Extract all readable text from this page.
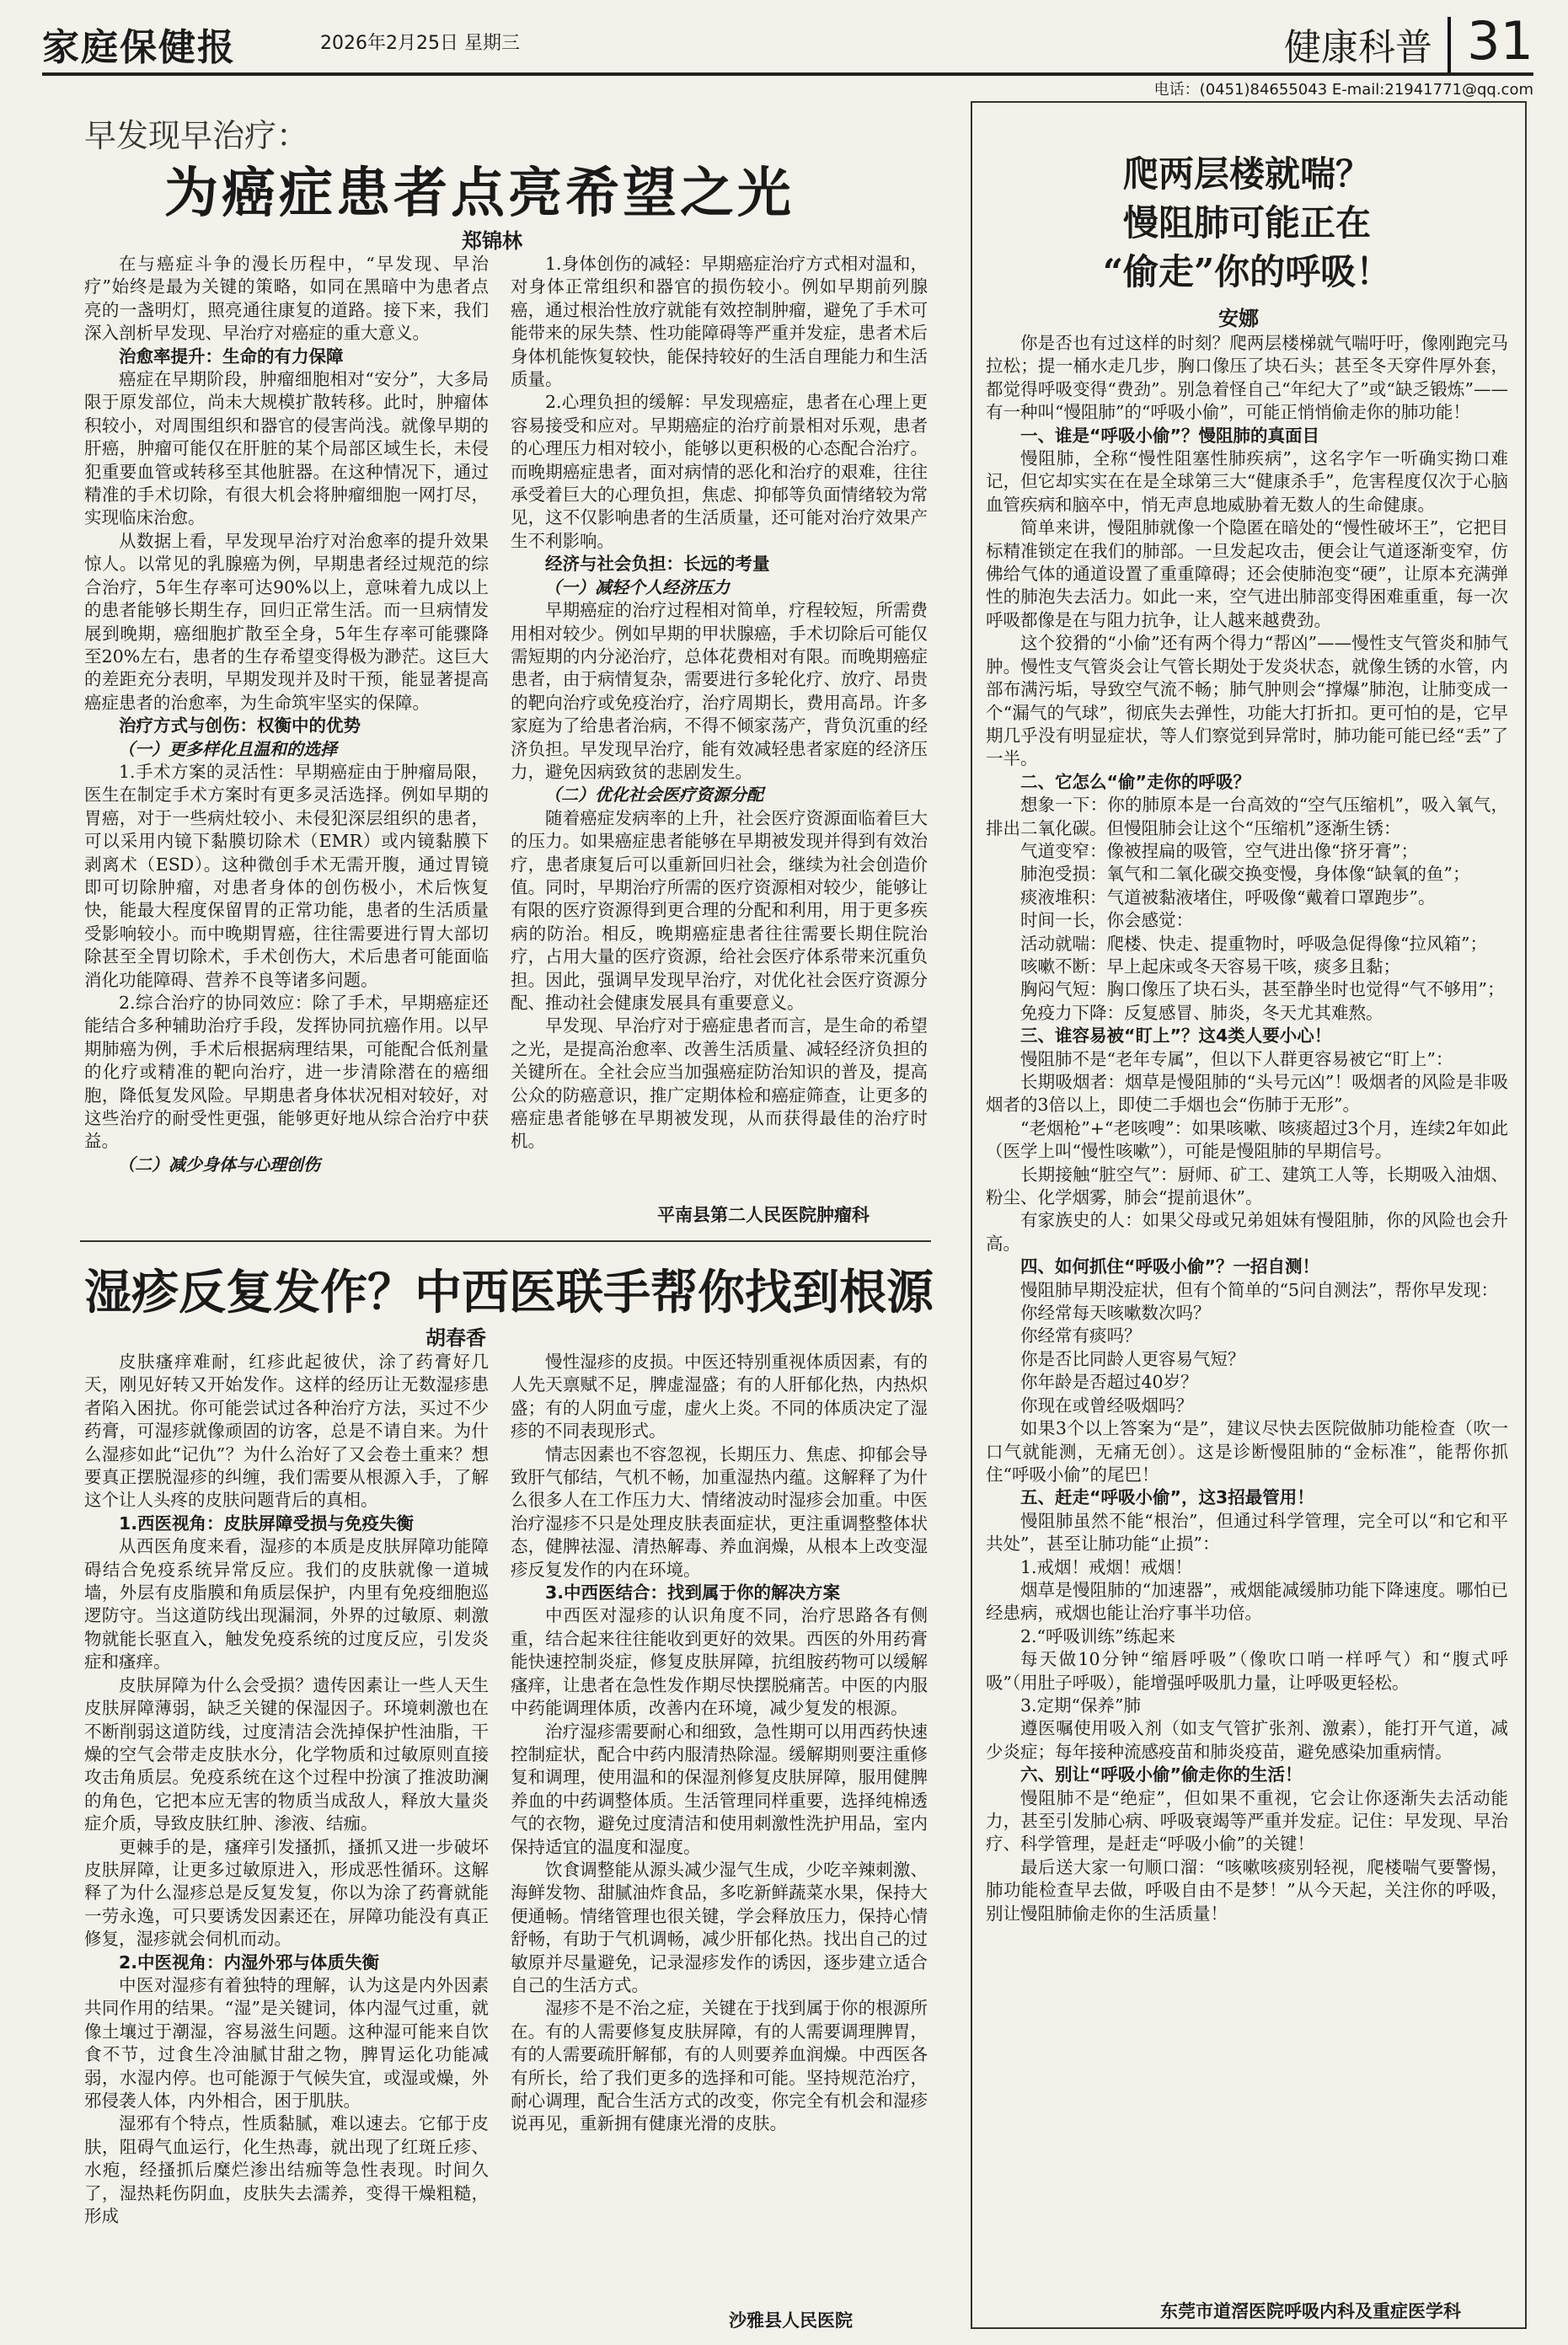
家庭保健报	2026年2月25日 星期三	健康科普 31
电话：(0451)84655043 E-mail:21941771@qq.com
早发现早治疗：
为癌症患者点亮希望之光
郑锦林

在与癌症斗争的漫长历程中，“早发现、早治疗”始终是最为关键的策略，如同在黑暗中为患者点亮的一盏明灯，照亮通往康复的道路。接下来，我们深入剖析早发现、早治疗对癌症的重大意义。

治愈率提升：生命的有力保障

癌症在早期阶段，肿瘤细胞相对“安分”，大多局限于原发部位，尚未大规模扩散转移。此时，肿瘤体积较小，对周围组织和器官的侵害尚浅。就像早期的肝癌，肿瘤可能仅在肝脏的某个局部区域生长，未侵犯重要血管或转移至其他脏器。在这种情况下，通过精准的手术切除，有很大机会将肿瘤细胞一网打尽，实现临床治愈。

从数据上看，早发现早治疗对治愈率的提升效果惊人。以常见的乳腺癌为例，早期患者经过规范的综合治疗，5年生存率可达90%以上，意味着九成以上的患者能够长期生存，回归正常生活。而一旦病情发展到晚期，癌细胞扩散至全身，5年生存率可能骤降至20%左右，患者的生存希望变得极为渺茫。这巨大的差距充分表明，早期发现并及时干预，能显著提高癌症患者的治愈率，为生命筑牢坚实的保障。

治疗方式与创伤：权衡中的优势
（一）更多样化且温和的选择

1.手术方案的灵活性：早期癌症由于肿瘤局限，医生在制定手术方案时有更多灵活选择。例如早期的胃癌，对于一些病灶较小、未侵犯深层组织的患者，可以采用内镜下黏膜切除术（EMR）或内镜黏膜下剥离术（ESD）。这种微创手术无需开腹，通过胃镜即可切除肿瘤，对患者身体的创伤极小，术后恢复快，能最大程度保留胃的正常功能，患者的生活质量受影响较小。而中晚期胃癌，往往需要进行胃大部切除甚至全胃切除术，手术创伤大，术后患者可能面临消化功能障碍、营养不良等诸多问题。

2.综合治疗的协同效应：除了手术，早期癌症还能结合多种辅助治疗手段，发挥协同抗癌作用。以早期肺癌为例，手术后根据病理结果，可能配合低剂量的化疗或精准的靶向治疗，进一步清除潜在的癌细胞，降低复发风险。早期患者身体状况相对较好，对这些治疗的耐受性更强，能够更好地从综合治疗中获益。

（二）减少身体与心理创伤

1.身体创伤的减轻：早期癌症治疗方式相对温和，对身体正常组织和器官的损伤较小。例如早期前列腺癌，通过根治性放疗就能有效控制肿瘤，避免了手术可能带来的尿失禁、性功能障碍等严重并发症，患者术后身体机能恢复较快，能保持较好的生活自理能力和生活质量。

2.心理负担的缓解：早发现癌症，患者在心理上更容易接受和应对。早期癌症的治疗前景相对乐观，患者的心理压力相对较小，能够以更积极的心态配合治疗。而晚期癌症患者，面对病情的恶化和治疗的艰难，往往承受着巨大的心理负担，焦虑、抑郁等负面情绪较为常见，这不仅影响患者的生活质量，还可能对治疗效果产生不利影响。

经济与社会负担：长远的考量
（一）减轻个人经济压力

早期癌症的治疗过程相对简单，疗程较短，所需费用相对较少。例如早期的甲状腺癌，手术切除后可能仅需短期的内分泌治疗，总体花费相对有限。而晚期癌症患者，由于病情复杂，需要进行多轮化疗、放疗、昂贵的靶向治疗或免疫治疗，治疗周期长，费用高昂。许多家庭为了给患者治病，不得不倾家荡产，背负沉重的经济负担。早发现早治疗，能有效减轻患者家庭的经济压力，避免因病致贫的悲剧发生。

（二）优化社会医疗资源分配

随着癌症发病率的上升，社会医疗资源面临着巨大的压力。如果癌症患者能够在早期被发现并得到有效治疗，患者康复后可以重新回归社会，继续为社会创造价值。同时，早期治疗所需的医疗资源相对较少，能够让有限的医疗资源得到更合理的分配和利用，用于更多疾病的防治。相反，晚期癌症患者往往需要长期住院治疗，占用大量的医疗资源，给社会医疗体系带来沉重负担。因此，强调早发现早治疗，对优化社会医疗资源分配、推动社会健康发展具有重要意义。

早发现、早治疗对于癌症患者而言，是生命的希望之光，是提高治愈率、改善生活质量、减轻经济负担的关键所在。全社会应当加强癌症防治知识的普及，提高公众的防癌意识，推广定期体检和癌症筛查，让更多的癌症患者能够在早期被发现，从而获得最佳的治疗时机。

平南县第二人民医院肿瘤科
湿疹反复发作？中西医联手帮你找到根源
胡春香

皮肤瘙痒难耐，红疹此起彼伏，涂了药膏好几天，刚见好转又开始发作。这样的经历让无数湿疹患者陷入困扰。你可能尝试过各种治疗方法，买过不少药膏，可湿疹就像顽固的访客，总是不请自来。为什么湿疹如此“记仇”？为什么治好了又会卷土重来？想要真正摆脱湿疹的纠缠，我们需要从根源入手，了解这个让人头疼的皮肤问题背后的真相。

1.西医视角：皮肤屏障受损与免疫失衡

从西医角度来看，湿疹的本质是皮肤屏障功能障碍结合免疫系统异常反应。我们的皮肤就像一道城墙，外层有皮脂膜和角质层保护，内里有免疫细胞巡逻防守。当这道防线出现漏洞，外界的过敏原、刺激物就能长驱直入，触发免疫系统的过度反应，引发炎症和瘙痒。

皮肤屏障为什么会受损？遗传因素让一些人天生皮肤屏障薄弱，缺乏关键的保湿因子。环境刺激也在不断削弱这道防线，过度清洁会洗掉保护性油脂，干燥的空气会带走皮肤水分，化学物质和过敏原则直接攻击角质层。免疫系统在这个过程中扮演了推波助澜的角色，它把本应无害的物质当成敌人，释放大量炎症介质，导致皮肤红肿、渗液、结痂。

更棘手的是，瘙痒引发搔抓，搔抓又进一步破坏皮肤屏障，让更多过敏原进入，形成恶性循环。这解释了为什么湿疹总是反复发复，你以为涂了药膏就能一劳永逸，可只要诱发因素还在，屏障功能没有真正修复，湿疹就会伺机而动。

2.中医视角：内湿外邪与体质失衡

中医对湿疹有着独特的理解，认为这是内外因素共同作用的结果。“湿”是关键词，体内湿气过重，就像土壤过于潮湿，容易滋生问题。这种湿可能来自饮食不节，过食生冷油腻甘甜之物，脾胃运化功能减弱，水湿内停。也可能源于气候失宜，或湿或燥，外邪侵袭人体，内外相合，困于肌肤。

湿邪有个特点，性质黏腻，难以速去。它郁于皮肤，阻碍气血运行，化生热毒，就出现了红斑丘疹、水疱，经搔抓后糜烂渗出结痂等急性表现。时间久了，湿热耗伤阴血，皮肤失去濡养，变得干燥粗糙，形成

慢性湿疹的皮损。中医还特别重视体质因素，有的人先天禀赋不足，脾虚湿盛；有的人肝郁化热，内热炽盛；有的人阴血亏虚，虚火上炎。不同的体质决定了湿疹的不同表现形式。

情志因素也不容忽视，长期压力、焦虑、抑郁会导致肝气郁结，气机不畅，加重湿热内蕴。这解释了为什么很多人在工作压力大、情绪波动时湿疹会加重。中医治疗湿疹不只是处理皮肤表面症状，更注重调整整体状态，健脾祛湿、清热解毒、养血润燥，从根本上改变湿疹反复发作的内在环境。

3.中西医结合：找到属于你的解决方案

中西医对湿疹的认识角度不同，治疗思路各有侧重，结合起来往往能收到更好的效果。西医的外用药膏能快速控制炎症，修复皮肤屏障，抗组胺药物可以缓解瘙痒，让患者在急性发作期尽快摆脱痛苦。中医的内服中药能调理体质，改善内在环境，减少复发的根源。

治疗湿疹需要耐心和细致，急性期可以用西药快速控制症状，配合中药内服清热除湿。缓解期则要注重修复和调理，使用温和的保湿剂修复皮肤屏障，服用健脾养血的中药调整体质。生活管理同样重要，选择纯棉透气的衣物，避免过度清洁和使用刺激性洗护用品，室内保持适宜的温度和湿度。

饮食调整能从源头减少湿气生成，少吃辛辣刺激、海鲜发物、甜腻油炸食品，多吃新鲜蔬菜水果，保持大便通畅。情绪管理也很关键，学会释放压力，保持心情舒畅，有助于气机调畅，减少肝郁化热。找出自己的过敏原并尽量避免，记录湿疹发作的诱因，逐步建立适合自己的生活方式。

湿疹不是不治之症，关键在于找到属于你的根源所在。有的人需要修复皮肤屏障，有的人需要调理脾胃，有的人需要疏肝解郁，有的人则要养血润燥。中西医各有所长，给了我们更多的选择和可能。坚持规范治疗，耐心调理，配合生活方式的改变，你完全有机会和湿疹说再见，重新拥有健康光滑的皮肤。

沙雅县人民医院
爬两层楼就喘？
慢阻肺可能正在
“偷走”你的呼吸！
安娜

你是否也有过这样的时刻？爬两层楼梯就气喘吁吁，像刚跑完马拉松；提一桶水走几步，胸口像压了块石头；甚至冬天穿件厚外套，都觉得呼吸变得“费劲”。别急着怪自己“年纪大了”或“缺乏锻炼”——有一种叫“慢阻肺”的“呼吸小偷”，可能正悄悄偷走你的肺功能！

一、谁是“呼吸小偷”？慢阻肺的真面目

慢阻肺，全称“慢性阻塞性肺疾病”，这名字乍一听确实拗口难记，但它却实实在在是全球第三大“健康杀手”，危害程度仅次于心脑血管疾病和脑卒中，悄无声息地威胁着无数人的生命健康。

简单来讲，慢阻肺就像一个隐匿在暗处的“慢性破坏王”，它把目标精准锁定在我们的肺部。一旦发起攻击，便会让气道逐渐变窄，仿佛给气体的通道设置了重重障碍；还会使肺泡变“硬”，让原本充满弹性的肺泡失去活力。如此一来，空气进出肺部变得困难重重，每一次呼吸都像是在与阻力抗争，让人越来越费劲。

这个狡猾的“小偷”还有两个得力“帮凶”——慢性支气管炎和肺气肿。慢性支气管炎会让气管长期处于发炎状态，就像生锈的水管，内部布满污垢，导致空气流不畅；肺气肿则会“撑爆”肺泡，让肺变成一个“漏气的气球”，彻底失去弹性，功能大打折扣。更可怕的是，它早期几乎没有明显症状，等人们察觉到异常时，肺功能可能已经“丢”了一半。

二、它怎么“偷”走你的呼吸？

想象一下：你的肺原本是一台高效的“空气压缩机”，吸入氧气，排出二氧化碳。但慢阻肺会让这个“压缩机”逐渐生锈：

气道变窄：像被捏扁的吸管，空气进出像“挤牙膏”；

肺泡受损：氧气和二氧化碳交换变慢，身体像“缺氧的鱼”；

痰液堆积：气道被黏液堵住，呼吸像“戴着口罩跑步”。

时间一长，你会感觉：

活动就喘：爬楼、快走、提重物时，呼吸急促得像“拉风箱”；

咳嗽不断：早上起床或冬天容易干咳，痰多且黏；

胸闷气短：胸口像压了块石头，甚至静坐时也觉得“气不够用”；

免疫力下降：反复感冒、肺炎，冬天尤其难熬。

三、谁容易被“盯上”？这4类人要小心！

慢阻肺不是“老年专属”，但以下人群更容易被它“盯上”：

长期吸烟者：烟草是慢阻肺的“头号元凶”！吸烟者的风险是非吸烟者的3倍以上，即使二手烟也会“伤肺于无形”。

“老烟枪”+“老咳嗖”：如果咳嗽、咳痰超过3个月，连续2年如此（医学上叫“慢性咳嗽”），可能是慢阻肺的早期信号。

长期接触“脏空气”：厨师、矿工、建筑工人等，长期吸入油烟、粉尘、化学烟雾，肺会“提前退休”。

有家族史的人：如果父母或兄弟姐妹有慢阻肺，你的风险也会升高。

四、如何抓住“呼吸小偷”？一招自测！

慢阻肺早期没症状，但有个简单的“5问自测法”，帮你早发现：

你经常每天咳嗽数次吗？

你经常有痰吗？

你是否比同龄人更容易气短？

你年龄是否超过40岁？

你现在或曾经吸烟吗？

如果3个以上答案为“是”，建议尽快去医院做肺功能检查（吹一口气就能测，无痛无创）。这是诊断慢阻肺的“金标准”，能帮你抓住“呼吸小偷”的尾巴！

五、赶走“呼吸小偷”，这3招最管用！

慢阻肺虽然不能“根治”，但通过科学管理，完全可以“和它和平共处”，甚至让肺功能“止损”：

1.戒烟！戒烟！戒烟！

烟草是慢阻肺的“加速器”，戒烟能减缓肺功能下降速度。哪怕已经患病，戒烟也能让治疗事半功倍。

2.“呼吸训练”练起来

每天做10分钟“缩唇呼吸”（像吹口哨一样呼气）和“腹式呼吸”（用肚子呼吸），能增强呼吸肌力量，让呼吸更轻松。

3.定期“保养”肺

遵医嘱使用吸入剂（如支气管扩张剂、激素），能打开气道，减少炎症；每年接种流感疫苗和肺炎疫苗，避免感染加重病情。

六、别让“呼吸小偷”偷走你的生活！

慢阻肺不是“绝症”，但如果不重视，它会让你逐渐失去活动能力，甚至引发肺心病、呼吸衰竭等严重并发症。记住：早发现、早治疗、科学管理，是赶走“呼吸小偷”的关键！

最后送大家一句顺口溜：“咳嗽咳痰别轻视，爬楼喘气要警惕，肺功能检查早去做，呼吸自由不是梦！”从今天起，关注你的呼吸，别让慢阻肺偷走你的生活质量！

东莞市道滘医院呼吸内科及重症医学科
